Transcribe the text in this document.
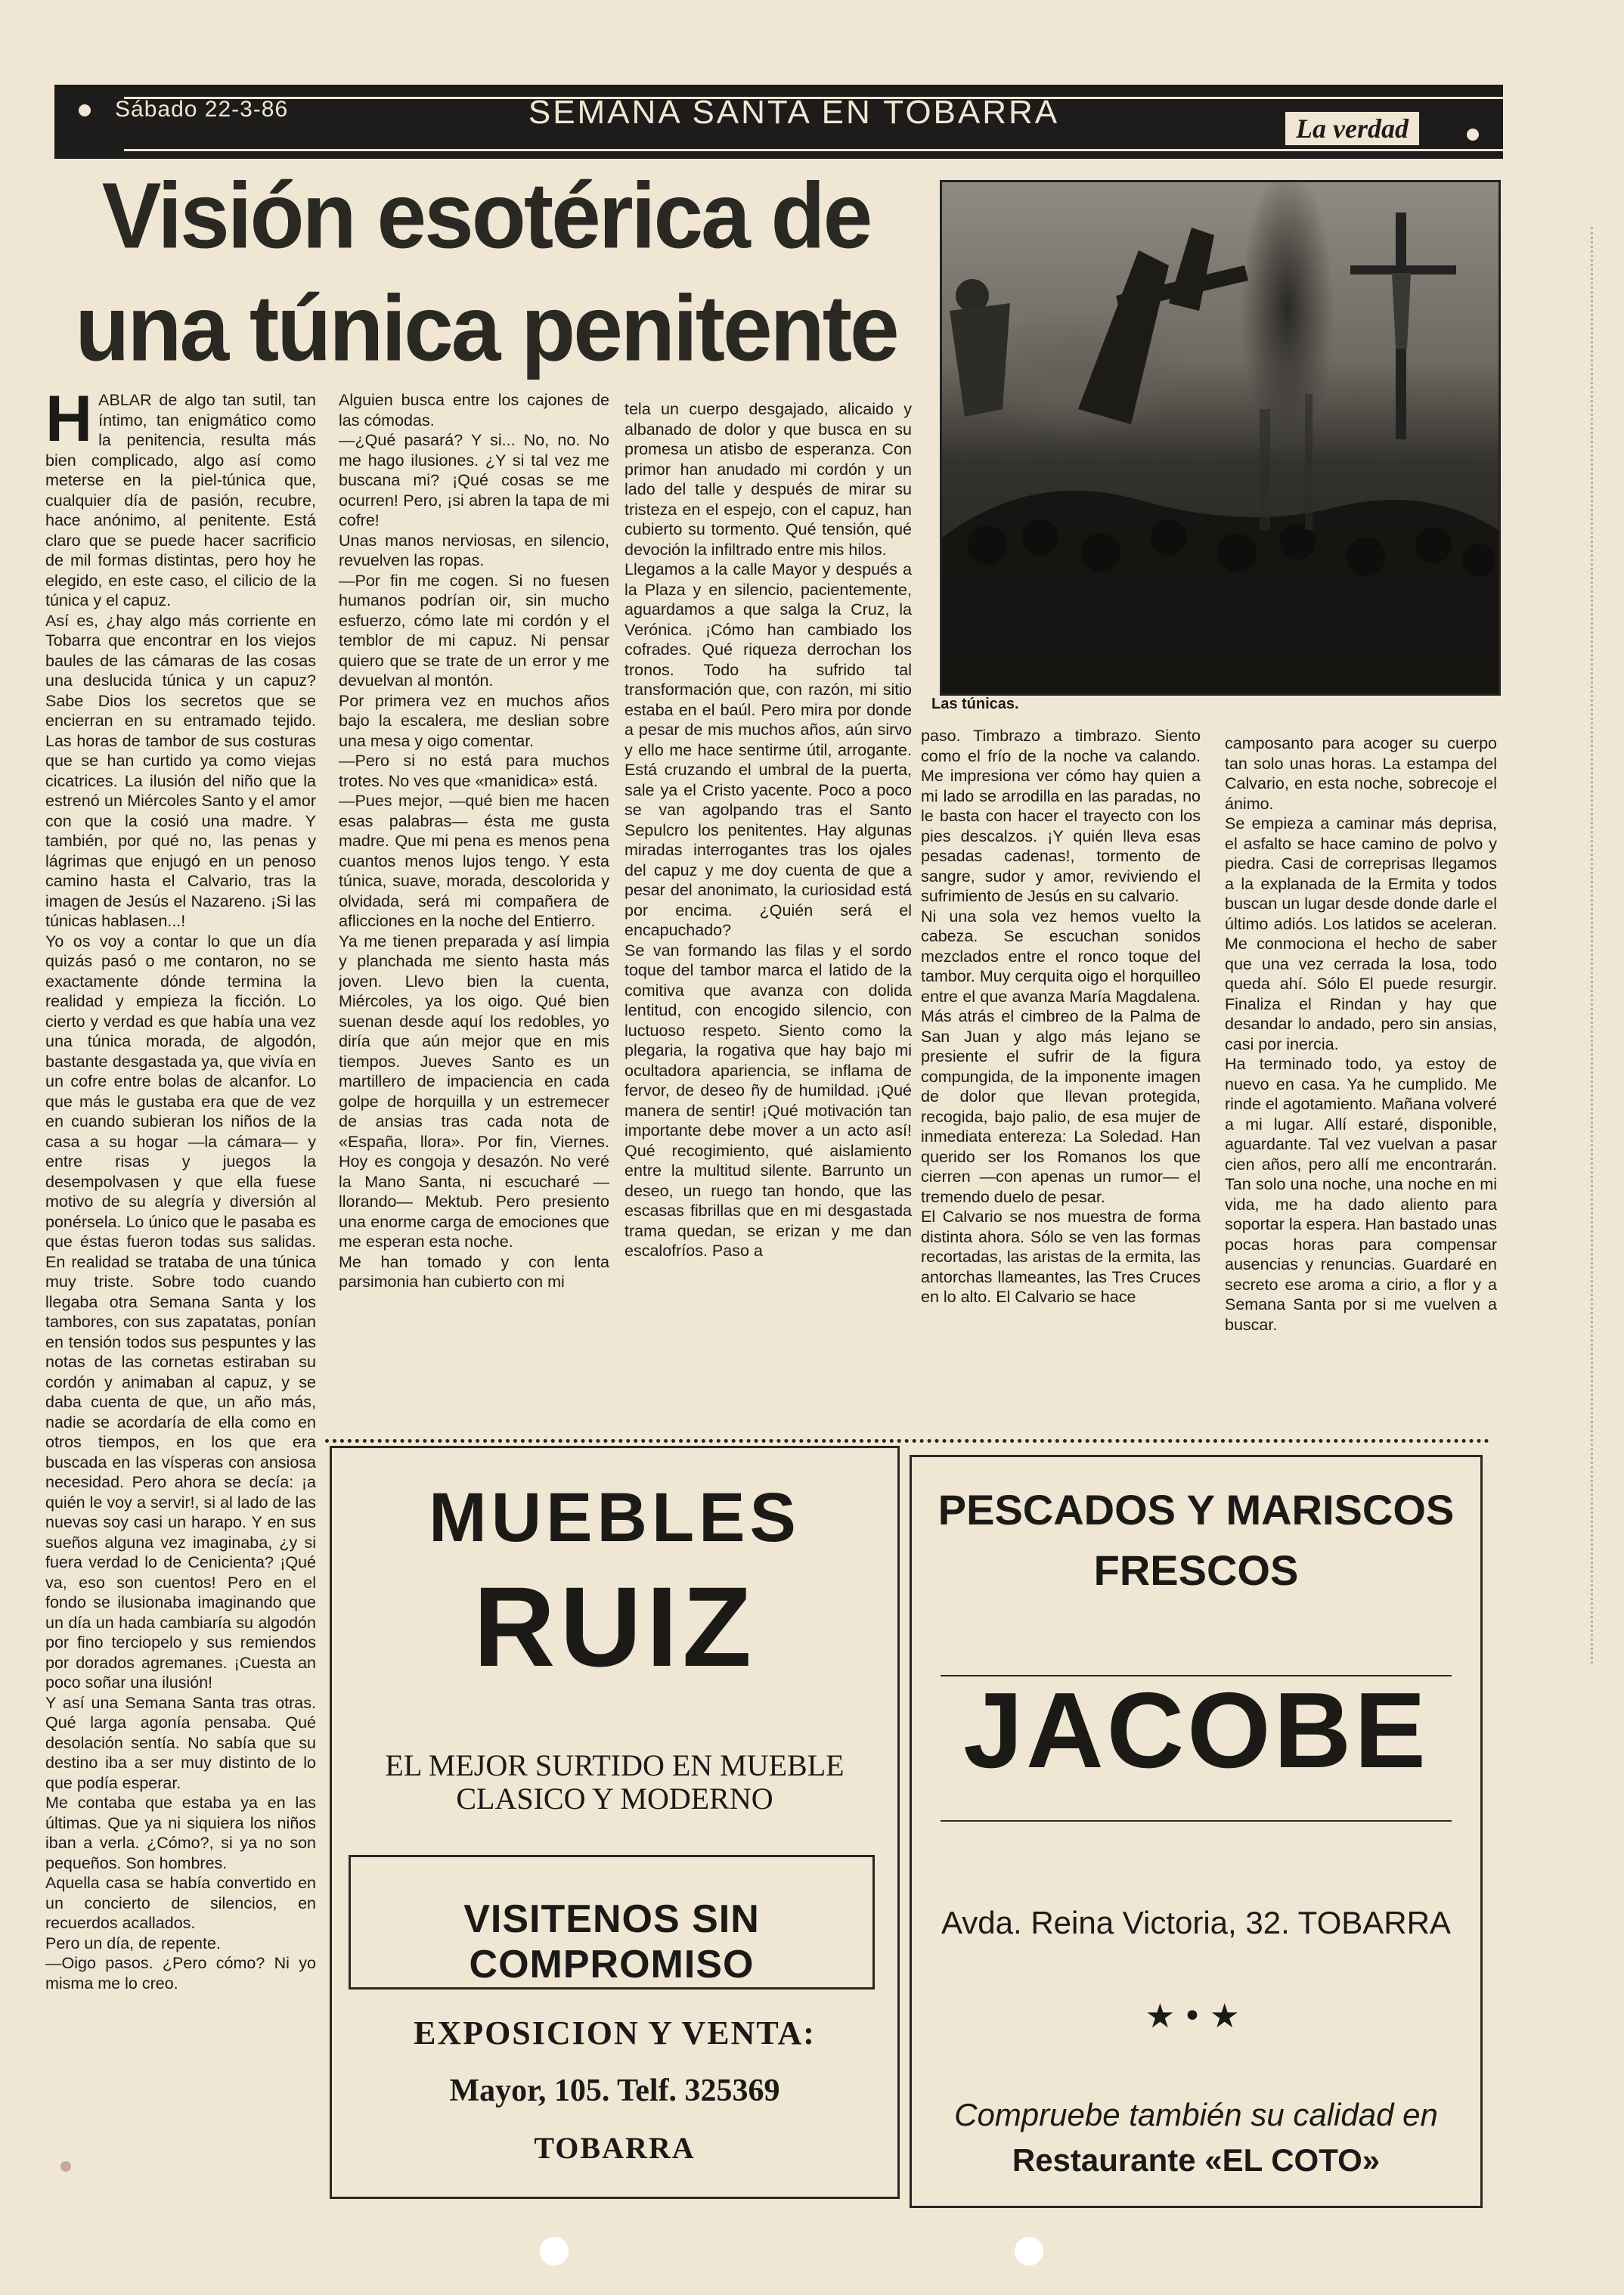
Sábado 22-3-86	SEMANA SANTA EN TOBARRA	La verdad
Visión esotérica de
una túnica penitente
Las túnicas.
HABLAR de algo tan sutil, tan íntimo, tan enigmático como la penitencia, resulta más bien complicado, algo así como meterse en la piel-túnica que, cualquier día de pasión, recubre, hace anónimo, al penitente. Está claro que se puede hacer sacrificio de mil formas distintas, pero hoy he elegido, en este caso, el cilicio de la túnica y el capuz.
Así es, ¿hay algo más corriente en Tobarra que encontrar en los viejos baules de las cámaras de las cosas una deslucida túnica y un capuz? Sabe Dios los secretos que se encierran en su entramado tejido. Las horas de tambor de sus costuras que se han curtido ya como viejas cicatrices. La ilusión del niño que la estrenó un Miércoles Santo y el amor con que la cosió una madre. Y también, por qué no, las penas y lágrimas que enjugó en un penoso camino hasta el Calvario, tras la imagen de Jesús el Nazareno. ¡Si las túnicas hablasen...!
Yo os voy a contar lo que un día quizás pasó o me contaron, no se exactamente dónde termina la realidad y empieza la ficción. Lo cierto y verdad es que había una vez una túnica morada, de algodón, bastante desgastada ya, que vivía en un cofre entre bolas de alcanfor. Lo que más le gustaba era que de vez en cuando subieran los niños de la casa a su hogar —la cámara— y entre risas y juegos la desempolvasen y que ella fuese motivo de su alegría y diversión al ponérsela. Lo único que le pasaba es que éstas fueron todas sus salidas. En realidad se trataba de una túnica muy triste. Sobre todo cuando llegaba otra Semana Santa y los tambores, con sus zapatatas, ponían en tensión todos sus pespuntes y las notas de las cornetas estiraban su cordón y animaban al capuz, y se daba cuenta de que, un año más, nadie se acordaría de ella como en otros tiempos, en los que era buscada en las vísperas con ansiosa necesidad. Pero ahora se decía: ¡a quién le voy a servir!, si al lado de las nuevas soy casi un harapo. Y en sus sueños alguna vez imaginaba, ¿y si fuera verdad lo de Cenicienta? ¡Qué va, eso son cuentos! Pero en el fondo se ilusionaba imaginando que un día un hada cambiaría su algodón por fino terciopelo y sus remiendos por dorados agremanes. ¡Cuesta an poco soñar una ilusión!
Y así una Semana Santa tras otras. Qué larga agonía pensaba. Qué desolación sentía. No sabía que su destino iba a ser muy distinto de lo que podía esperar.
Me contaba que estaba ya en las últimas. Que ya ni siquiera los niños iban a verla. ¿Cómo?, si ya no son pequeños. Son hombres.
Aquella casa se había convertido en un concierto de silencios, en recuerdos acallados.
Pero un día, de repente.
—Oigo pasos. ¿Pero cómo? Ni yo misma me lo creo.
Alguien busca entre los cajones de las cómodas.
—¿Qué pasará? Y si... No, no. No me hago ilusiones. ¿Y si tal vez me buscana mi? ¡Qué cosas se me ocurren! Pero, ¡si abren la tapa de mi cofre!
Unas manos nerviosas, en silencio, revuelven las ropas.
—Por fin me cogen. Si no fuesen humanos podrían oir, sin mucho esfuerzo, cómo late mi cordón y el temblor de mi capuz. Ni pensar quiero que se trate de un error y me devuelvan al montón.
Por primera vez en muchos años bajo la escalera, me deslian sobre una mesa y oigo comentar.
—Pero si no está para muchos trotes. No ves que «manidica» está.
—Pues mejor, —qué bien me hacen esas palabras— ésta me gusta madre. Que mi pena es menos pena cuantos menos lujos tengo. Y esta túnica, suave, morada, descolorida y olvidada, será mi compañera de aflicciones en la noche del Entierro.
Ya me tienen preparada y así limpia y planchada me siento hasta más joven. Llevo bien la cuenta, Miércoles, ya los oigo. Qué bien suenan desde aquí los redobles, yo diría que aún mejor que en mis tiempos. Jueves Santo es un martillero de impaciencia en cada golpe de horquilla y un estremecer de ansias tras cada nota de «España, llora». Por fin, Viernes. Hoy es congoja y desazón. No veré la Mano Santa, ni escucharé —llorando— Mektub. Pero presiento una enorme carga de emociones que me esperan esta noche.
Me han tomado y con lenta parsimonia han cubierto con mi
tela un cuerpo desgajado, alicaido y albanado de dolor y que busca en su promesa un atisbo de esperanza. Con primor han anudado mi cordón y un lado del talle y después de mirar su tristeza en el espejo, con el capuz, han cubierto su tormento. Qué tensión, qué devoción la infiltrado entre mis hilos.
Llegamos a la calle Mayor y después a la Plaza y en silencio, pacientemente, aguardamos a que salga la Cruz, la Verónica. ¡Cómo han cambiado los cofrades. Qué riqueza derrochan los tronos. Todo ha sufrido tal transformación que, con razón, mi sitio estaba en el baúl. Pero mira por donde a pesar de mis muchos años, aún sirvo y ello me hace sentirme útil, arrogante. Está cruzando el umbral de la puerta, sale ya el Cristo yacente. Poco a poco se van agolpando tras el Santo Sepulcro los penitentes. Hay algunas miradas interrogantes tras los ojales del capuz y me doy cuenta de que a pesar del anonimato, la curiosidad está por encima. ¿Quién será el encapuchado?
Se van formando las filas y el sordo toque del tambor marca el latido de la comitiva que avanza con dolida lentitud, con encogido silencio, con luctuoso respeto. Siento como la plegaria, la rogativa que hay bajo mi ocultadora apariencia, se inflama de fervor, de deseo ñy de humildad. ¡Qué manera de sentir! ¡Qué motivación tan importante debe mover a un acto así! Qué recogimiento, qué aislamiento entre la multitud silente. Barrunto un deseo, un ruego tan hondo, que las escasas fibrillas que en mi desgastada trama quedan, se erizan y me dan escalofríos. Paso a
paso. Timbrazo a timbrazo. Siento como el frío de la noche va calando. Me impresiona ver cómo hay quien a mi lado se arrodilla en las paradas, no le basta con hacer el trayecto con los pies descalzos. ¡Y quién lleva esas pesadas cadenas!, tormento de sangre, sudor y amor, reviviendo el sufrimiento de Jesús en su calvario.
Ni una sola vez hemos vuelto la cabeza. Se escuchan sonidos mezclados entre el ronco toque del tambor. Muy cerquita oigo el horquilleo entre el que avanza María Magdalena. Más atrás el cimbreo de la Palma de San Juan y algo más lejano se presiente el sufrir de la figura compungida, de la imponente imagen de dolor que llevan protegida, recogida, bajo palio, de esa mujer de inmediata entereza: La Soledad. Han querido ser los Romanos los que cierren —con apenas un rumor— el tremendo duelo de pesar.
El Calvario se nos muestra de forma distinta ahora. Sólo se ven las formas recortadas, las aristas de la ermita, las antorchas llameantes, las Tres Cruces en lo alto. El Calvario se hace
camposanto para acoger su cuerpo tan solo unas horas. La estampa del Calvario, en esta noche, sobrecoje el ánimo.
Se empieza a caminar más deprisa, el asfalto se hace camino de polvo y piedra. Casi de correprisas llegamos a la explanada de la Ermita y todos buscan un lugar desde donde darle el último adiós. Los latidos se aceleran. Me conmociona el hecho de saber que una vez cerrada la losa, todo queda ahí. Sólo El puede resurgir. Finaliza el Rindan y hay que desandar lo andado, pero sin ansias, casi por inercia.
Ha terminado todo, ya estoy de nuevo en casa. Ya he cumplido. Me rinde el agotamiento. Mañana volveré a mi lugar. Allí estaré, disponible, aguardante. Tal vez vuelvan a pasar cien años, pero allí me encontrarán. Tan solo una noche, una noche en mi vida, me ha dado aliento para soportar la espera. Han bastado unas pocas horas para compensar ausencias y renuncias. Guardaré en secreto ese aroma a cirio, a flor y a Semana Santa por si me vuelven a buscar.
MUEBLES
RUIZ
EL MEJOR SURTIDO EN MUEBLE
CLASICO Y MODERNO
VISITENOS SIN COMPROMISO
EXPOSICION Y VENTA:
Mayor, 105. Telf. 325369
TOBARRA
PESCADOS Y MARISCOS
FRESCOS
JACOBE
Avda. Reina Victoria, 32. TOBARRA
★•★
Compruebe también su calidad en
Restaurante «EL COTO»
